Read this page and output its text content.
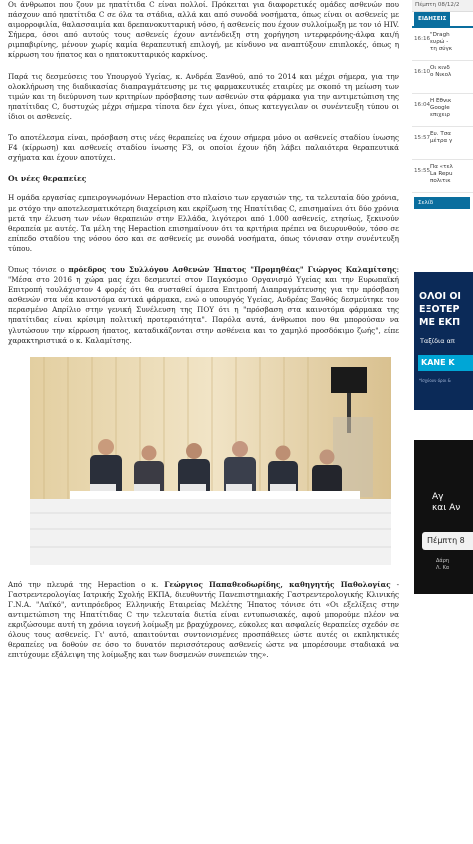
Οι άνθρωποι που ζουν με ηπατίτιδα C είναι πολλοί. Πρόκειται για διαφορετικές ομάδες ασθενών που πάσχουν από ηπατίτιδα C σε όλα τα στάδια, αλλά και από συνοδά νοσήματα, όπως είναι οι ασθενείς με αιμορροφιλία, θαλασσαιμία και δρεπανοκυτταρική νόσο, ή ασθενείς που έχουν συλλοίμωξη με τον ιό HIV. Σήμερα, όσοι από αυτούς τους ασθενείς έχουν αντένδειξη στη χορήγηση ιντερφερόνης-άλφα και/ή ριμπαβιρίνης, μένουν χωρίς καμία θεραπευτική επιλογή, με κίνδυνο να αναπτύξουν επιπλοκές, όπως η κίρρωση του ήπατος και ο ηπατοκυτταρικός καρκίνος.

Παρά τις δεσμεύσεις του Υπουργού Υγείας, κ. Ανδρέα Ξανθού, από το 2014 και μέχρι σήμερα, για την ολοκλήρωση της διαδικασίας διαπραγμάτευσης με τις φαρμακευτικές εταιρίες με σκοπό τη μείωση των τιμών και τη διεύρυνση των κριτηρίων πρόσβασης των ασθενών στα φάρμακα για την αντιμετώπιση της ηπατίτιδας C, δυστυχώς μέχρι σήμερα τίποτα δεν έχει γίνει, όπως κατεγγειλαν οι συνέντευξη τύπου οι ίδιοι οι ασθενείς.

Το αποτέλεσμα είναι, πρόσβαση στις νέες θεραπείες να έχουν σήμερα μόνο οι ασθενείς σταδίου ίνωσης F4 (κίρρωση) και ασθενείς σταδίου ίνωσης F3, οι οποίοι έχουν ήδη λάβει παλαιότερα θεραπευτικά σχήματα και έχουν αποτύχει.

Οι νέες θεραπείες

Η ομάδα εργασίας εμπειρογνωμόνων Hepaction στο πλαίσιο των εργασιών της, τα τελευταία δύο χρόνια, με στόχο την αποτελεσματικότερη διαχείριση και εκρίζωση της Ηπατίτιδας C, επισημαίνει ότι δύο χρόνια μετά την έλευση των νέων θεραπειών στην Ελλάδα, λιγότεροι από 1.000 ασθενείς, ετησίως, ξεκινούν θεραπεία με αυτές. Τα μέλη της Hepaction επισημαίνουν ότι τα κριτήρια πρέπει να διευρυνθούν, τόσο σε επίπεδο σταδίου της νόσου όσο και σε ασθενείς με συνοδά νοσήματα, όπως τόνισαν στην συνέντευξη τύπου.

Όπως τόνισε ο πρόεδρος του Συλλόγου Ασθενών Ήπατος "Προμηθέας" Γιώργος Καλαμίτσης: "Μέσα στο 2016 η χώρα μας έχει δεσμευτεί στον Παγκόσμιο Οργανισμό Υγείας και την Ευρωπαϊκή Επιτροπή τουλάχιστον 4 φορές ότι θα συσταθεί άμεσα Επιτροπή Διαπραγμάτευσης για την πρόσβαση ασθενών στα νέα καινοτόμα αντικά φάρμακα, ενώ ο υπουργός Υγείας, Ανδρέας Ξανθός δεσμεύτηκε τον περασμένο Απρίλιο στην γενική Συνέλευση της ΠΟΥ ότι η "πρόσβαση στα καινοτόμα φάρμακα της ηπατίτιδας είναι κρίσιμη πολιτική προτεραιότητα". Παρόλα αυτά, άνθρωποι που θα μπορούσαν να γλυτώσουν την κίρρωση ήπατος, καταδικάζονται στην ασθένεια και το χαμηλό προσδόκιμο ζωής", είπε χαρακτηριστικά ο κ. Καλαμίτσης.

Από την πλευρά της Hepaction ο κ. Γεώργιος Παπαθεοδωρίδης, καθηγητής Παθολογίας - Γαστρεντερολογίας Ιατρικής Σχολής ΕΚΠΑ, διευθυντής Πανεπιστημιακής Γαστρεντερολογικής Κλινικής Γ.Ν.Α. "Λαϊκό", αντιπρόεδρος Ελληνικής Εταιρείας Μελέτης Ήπατος τόνισε ότι «Οι εξελίξεις στην αντιμετώπιση της Ηπατίτιδας C την τελευταία διετία είναι εντυπωσιακές, αφού μπορούμε πλέον να εκριζώσουμε αυτή τη χρόνια ιογενή λοίμωξη με βραχύχρονες, εύκολες και ασφαλείς θεραπείες σχεδόν σε όλους τους ασθενείς. Γι' αυτό, απαιτούνται συντονισμένες προσπάθειες ώστε αυτές οι εκπληκτικές θεραπείες να δοθούν σε όσο το δυνατόν περισσότερους ασθενείς ώστε να μπορέσουμε σταδιακά να επιτύχουμε εξάλειψη της λοίμωξης και των δυσμενών συνεπειών της».

Πέμπτη 08/12/2
ΕΙΔΗΣΕΙΣ
16:16
"Dragh
ευρώ -
τη σύγκ
16:10
Οι κινδ
ο Νικολ
16:04
Η Εθνικ
Google
επιχειρ
15:57
Ευ. Τσα
μέτρα γ
15:55
Πα «τελ
La Repu
πολιτικ
Σελίδ
ΟΛΟΙ ΟΙ
ΕΞΟΤΕΡ
ΜΕ ΕΚΠ
Ταξίδια απ
ΚΑΝΕ Κ
*Ισχύουν όροι &
Αγ
και Αν
Πέμπτη 8
Δάρη
Λ. Κα
